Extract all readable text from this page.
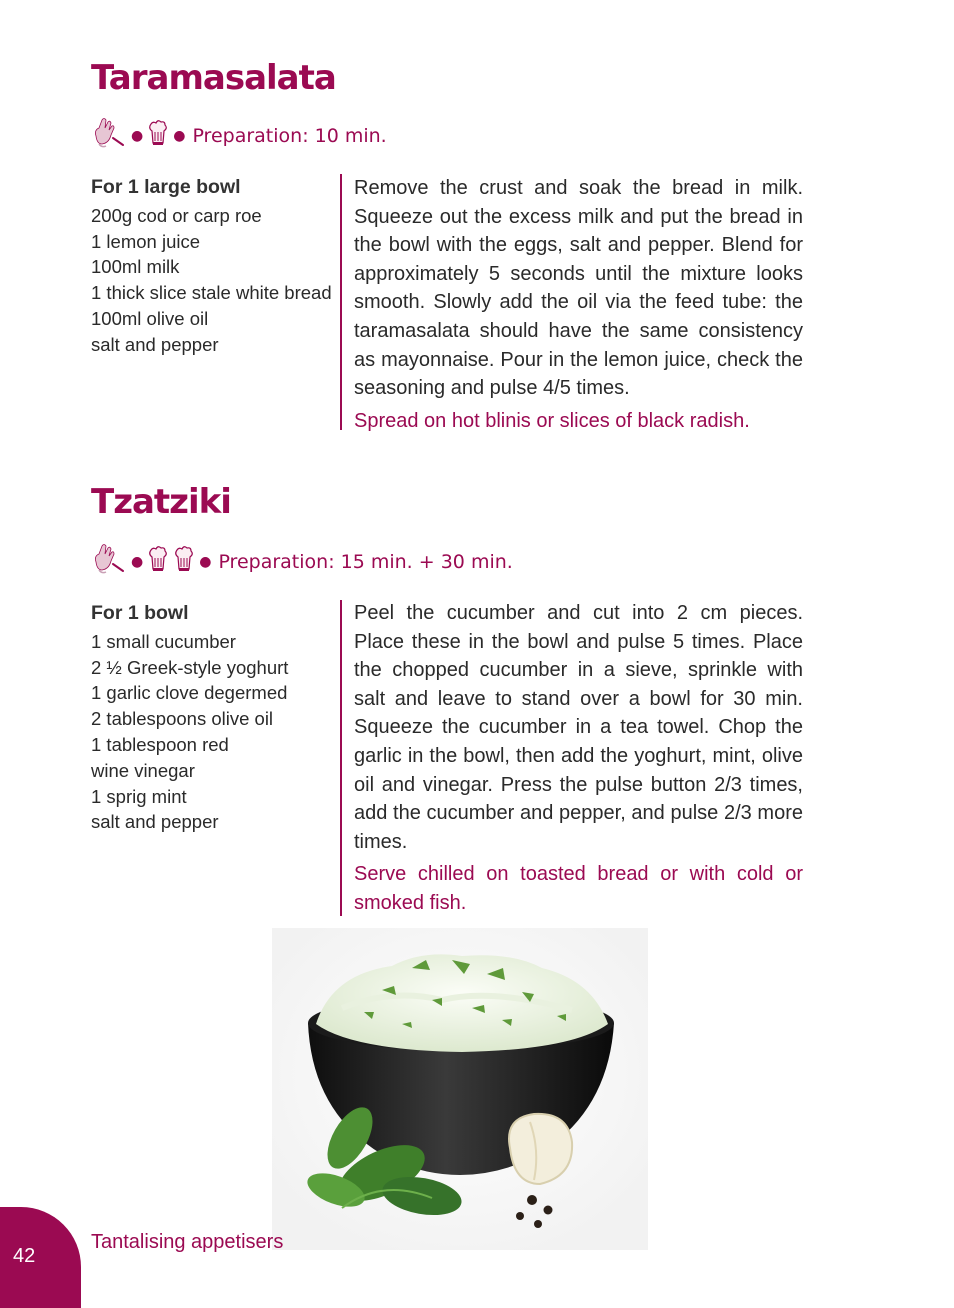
Taramasalata
● ● Preparation: 10 min.
For 1 large bowl
200g cod or carp roe
1 lemon juice
100ml milk
1 thick slice stale white bread
100ml olive oil
salt and pepper

Remove the crust and soak the bread in milk. Squeeze out the excess milk and put the bread in the bowl with the eggs, salt and pepper. Blend for approximately 5 seconds until the mixture looks smooth. Slowly add the oil via the feed tube: the taramasalata should have the same consistency as mayonnaise. Pour in the lemon juice, check the seasoning and pulse 4/5 times.

Spread on hot blinis or slices of black radish.

Tzatziki
●	● Preparation: 15 min. + 30 min.
For 1 bowl
1 small cucumber
2 ½ Greek-style yoghurt
1 garlic clove degermed
2 tablespoons olive oil
1 tablespoon red
wine vinegar
1 sprig mint
salt and pepper

Peel the cucumber and cut into 2 cm pieces. Place these in the bowl and pulse 5 times. Place the chopped cucumber in a sieve, sprinkle with salt and leave to stand over a bowl for 30 min. Squeeze the cucumber in a tea towel. Chop the garlic in the bowl, then add the yoghurt, mint, olive oil and vinegar. Press the pulse button 2/3 times, add the cucumber and pepper, and pulse 2/3 more times.

Serve chilled on toasted bread or with cold or smoked fish.

42
Tantalising appetisers
